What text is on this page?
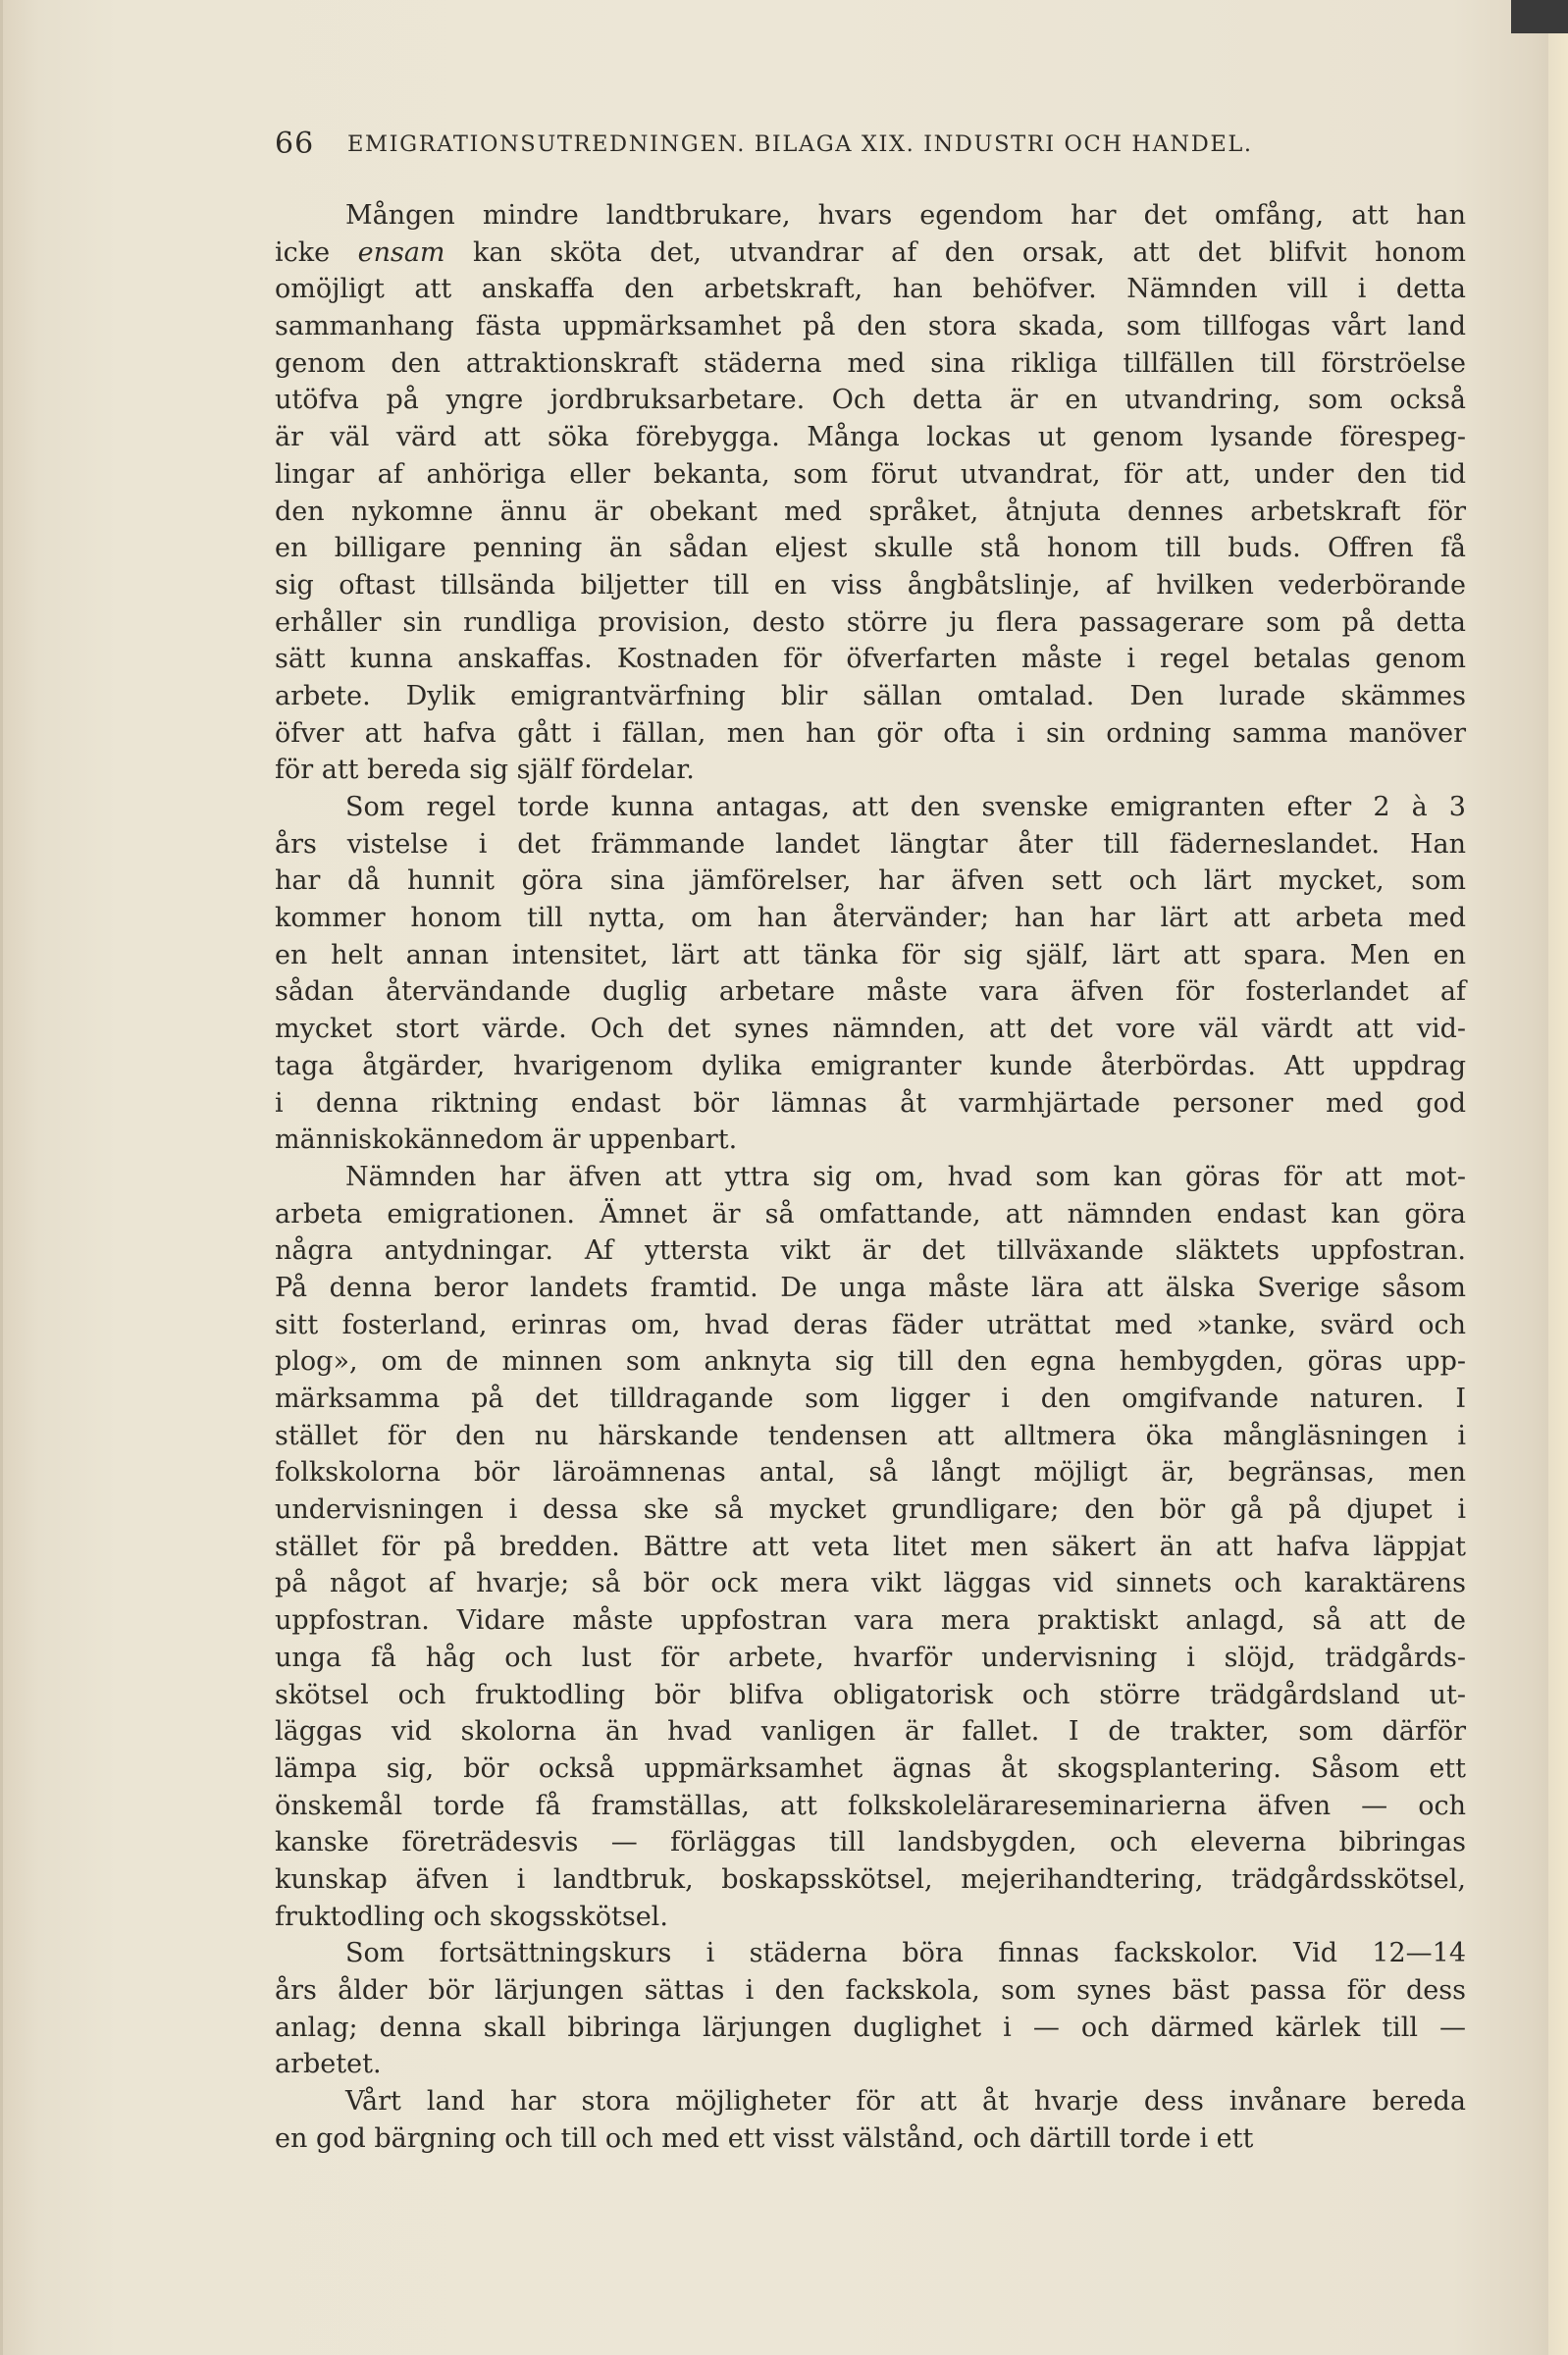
66 EMIGRATIONSUTREDNINGEN. BILAGA XIX. INDUSTRI OCH HANDEL.
Mången mindre landtbrukare, hvars egendom har det omfång, att han
icke ensam kan sköta det, utvandrar af den orsak, att det blifvit honom
omöjligt att anskaffa den arbetskraft, han behöfver. Nämnden vill i detta
sammanhang fästa uppmärksamhet på den stora skada, som tillfogas vårt land
genom den attraktionskraft städerna med sina rikliga tillfällen till förströelse
utöfva på yngre jordbruksarbetare. Och detta är en utvandring, som också
är väl värd att söka förebygga. Många lockas ut genom lysande förespeg-
lingar af anhöriga eller bekanta, som förut utvandrat, för att, under den tid
den nykomne ännu är obekant med språket, åtnjuta dennes arbetskraft för
en billigare penning än sådan eljest skulle stå honom till buds. Offren få
sig oftast tillsända biljetter till en viss ångbåtslinje, af hvilken vederbörande
erhåller sin rundliga provision, desto större ju flera passagerare som på detta
sätt kunna anskaffas. Kostnaden för öfverfarten måste i regel betalas genom
arbete. Dylik emigrantvärfning blir sällan omtalad. Den lurade skämmes
öfver att hafva gått i fällan, men han gör ofta i sin ordning samma manöver
för att bereda sig själf fördelar.
Som regel torde kunna antagas, att den svenske emigranten efter 2 à 3
års vistelse i det främmande landet längtar åter till fäderneslandet. Han
har då hunnit göra sina jämförelser, har äfven sett och lärt mycket, som
kommer honom till nytta, om han återvänder; han har lärt att arbeta med
en helt annan intensitet, lärt att tänka för sig själf, lärt att spara. Men en
sådan återvändande duglig arbetare måste vara äfven för fosterlandet af
mycket stort värde. Och det synes nämnden, att det vore väl värdt att vid-
taga åtgärder, hvarigenom dylika emigranter kunde återbördas. Att uppdrag
i denna riktning endast bör lämnas åt varmhjärtade personer med god
människokännedom är uppenbart.
Nämnden har äfven att yttra sig om, hvad som kan göras för att mot-
arbeta emigrationen. Ämnet är så omfattande, att nämnden endast kan göra
några antydningar. Af yttersta vikt är det tillväxande släktets uppfostran.
På denna beror landets framtid. De unga måste lära att älska Sverige såsom
sitt fosterland, erinras om, hvad deras fäder uträttat med »tanke, svärd och
plog», om de minnen som anknyta sig till den egna hembygden, göras upp-
märksamma på det tilldragande som ligger i den omgifvande naturen. I
stället för den nu härskande tendensen att alltmera öka mångläsningen i
folkskolorna bör läroämnenas antal, så långt möjligt är, begränsas, men
undervisningen i dessa ske så mycket grundligare; den bör gå på djupet i
stället för på bredden. Bättre att veta litet men säkert än att hafva läppjat
på något af hvarje; så bör ock mera vikt läggas vid sinnets och karaktärens
uppfostran. Vidare måste uppfostran vara mera praktiskt anlagd, så att de
unga få håg och lust för arbete, hvarför undervisning i slöjd, trädgårds-
skötsel och fruktodling bör blifva obligatorisk och större trädgårdsland ut-
läggas vid skolorna än hvad vanligen är fallet. I de trakter, som därför
lämpa sig, bör också uppmärksamhet ägnas åt skogsplantering. Såsom ett
önskemål torde få framställas, att folkskolelärareseminarierna äfven — och
kanske företrädesvis — förläggas till landsbygden, och eleverna bibringas
kunskap äfven i landtbruk, boskapsskötsel, mejerihandtering, trädgårdsskötsel,
fruktodling och skogsskötsel.
Som fortsättningskurs i städerna böra finnas fackskolor. Vid 12—14
års ålder bör lärjungen sättas i den fackskola, som synes bäst passa för dess
anlag; denna skall bibringa lärjungen duglighet i — och därmed kärlek till —
arbetet.
Vårt land har stora möjligheter för att åt hvarje dess invånare bereda
en god bärgning och till och med ett visst välstånd, och därtill torde i ett
